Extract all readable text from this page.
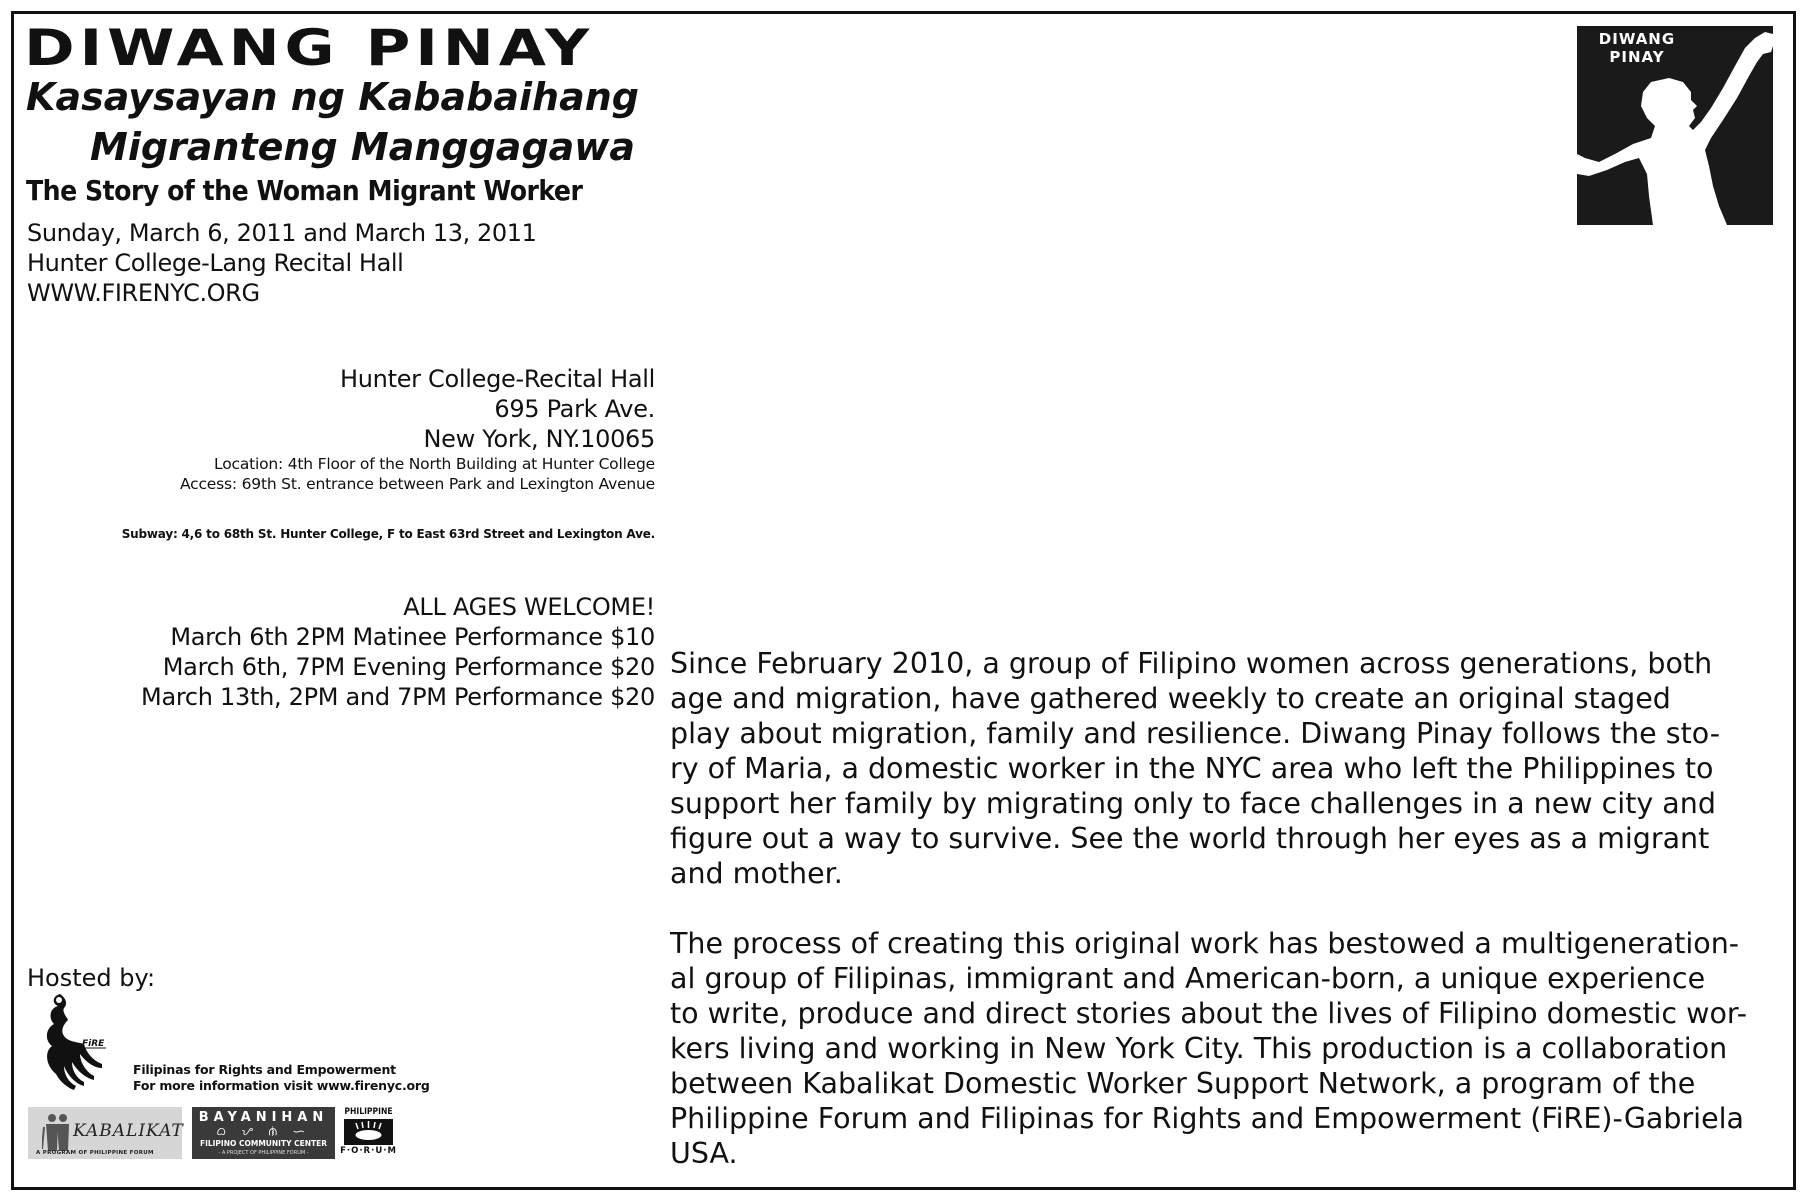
DIWANG PINAY
Kasaysayan ng Kababaihang
Migranteng Manggagawa
The Story of the Woman Migrant Worker
Sunday, March 6, 2011 and March 13, 2011
Hunter College-Lang Recital Hall
WWW.FIRENYC.ORG
Hunter College-Recital Hall
695 Park Ave.
New York, NY.10065
Location: 4th Floor of the North Building at Hunter College
Access: 69th St. entrance between Park and Lexington Avenue
Subway: 4,6 to 68th St. Hunter College, F to East 63rd Street and Lexington Ave.
ALL AGES WELCOME!
March 6th 2PM Matinee Performance $10
March 6th, 7PM Evening Performance $20
March 13th, 2PM and 7PM Performance $20

Since February 2010, a group of Filipino women across generations, both
age and migration, have gathered weekly to create an original staged
play about migration, family and resilience. Diwang Pinay follows the sto-
ry of Maria, a domestic worker in the NYC area who left the Philippines to
support her family by migrating only to face challenges in a new city and
figure out a way to survive. See the world through her eyes as a migrant
and mother.

The process of creating this original work has bestowed a multigeneration-
al group of Filipinas, immigrant and American-born, a unique experience
to write, produce and direct stories about the lives of Filipino domestic wor-
kers living and working in New York City. This production is a collaboration
between Kabalikat Domestic Worker Support Network, a program of the
Philippine Forum and Filipinas for Rights and Empowerment (FiRE)-Gabriela
USA.

Hosted by:
FiRE
Filipinas for Rights and Empowerment
For more information visit www.firenyc.org
KABALIKAT
A PROGRAM OF PHILIPPINE FORUM
BAYANIHAN
ᜊ ᜌ ᜈᜒ ᜑ
FILIPINO COMMUNITY CENTER
- A PROJECT OF PHILIPPINE FORUM -
PHILIPPINE
F·O·R·U·M
DIWANG
PINAY
